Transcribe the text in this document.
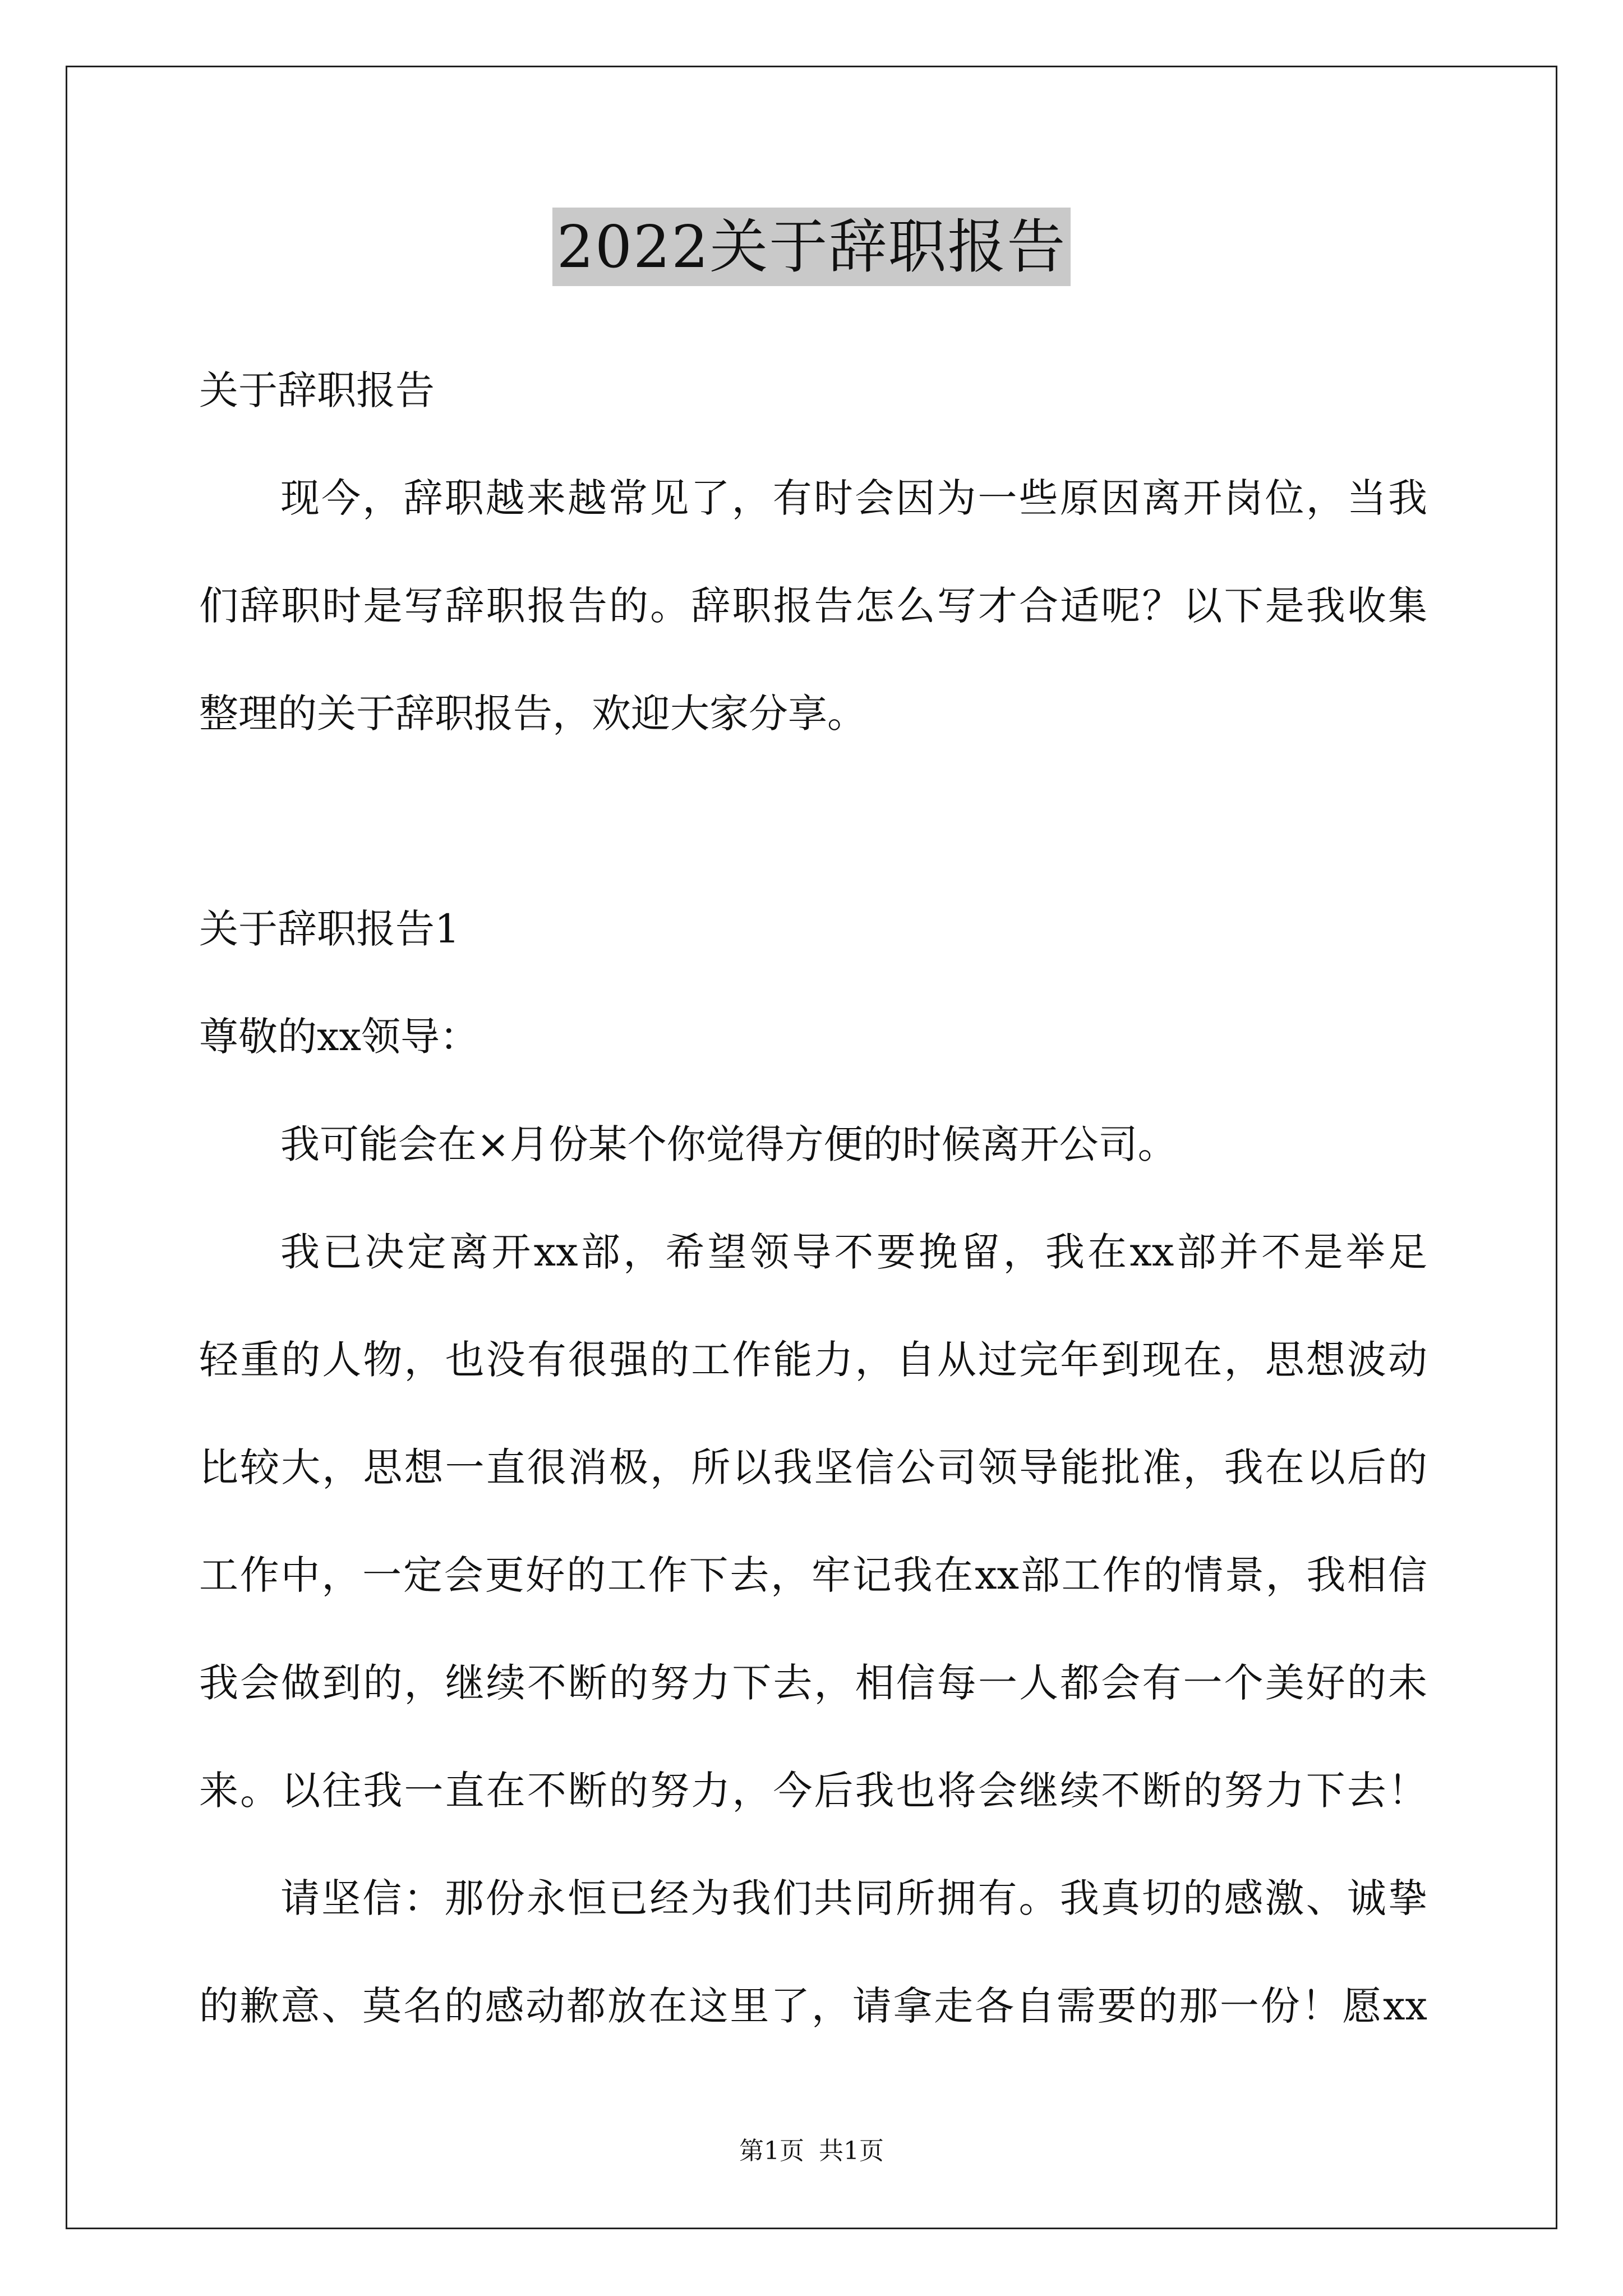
2022关于辞职报告
关于辞职报告
现今，辞职越来越常见了，有时会因为一些原因离开岗位，当我
们辞职时是写辞职报告的。辞职报告怎么写才合适呢？以下是我收集
整理的关于辞职报告，欢迎大家分享。
关于辞职报告1
尊敬的xx领导：
我可能会在×月份某个你觉得方便的时候离开公司。
我已决定离开xx部，希望领导不要挽留，我在xx部并不是举足
轻重的人物，也没有很强的工作能力，自从过完年到现在，思想波动
比较大，思想一直很消极，所以我坚信公司领导能批准，我在以后的
工作中，一定会更好的工作下去，牢记我在xx部工作的情景，我相信
我会做到的，继续不断的努力下去，相信每一人都会有一个美好的未
来。以往我一直在不断的努力，今后我也将会继续不断的努力下去！
请坚信：那份永恒已经为我们共同所拥有。我真切的感激、诚挚
的歉意、莫名的感动都放在这里了，请拿走各自需要的那一份！愿xx
第1页 共1页
